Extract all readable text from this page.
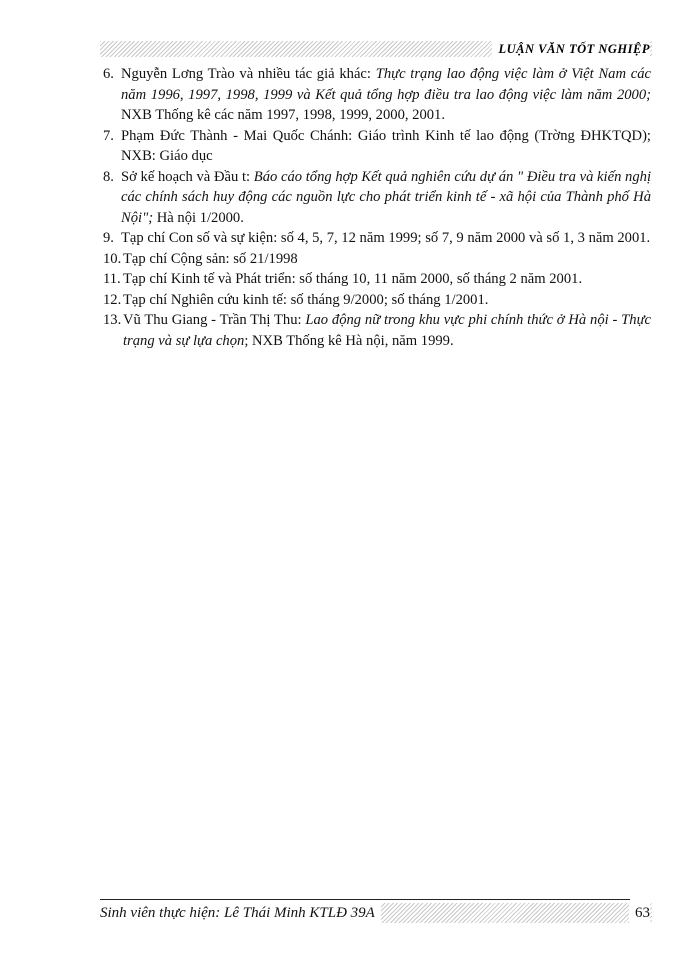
LUẬN VĂN TỐT NGHIỆP

6. Nguyễn Lơng Trào và nhiều tác giả khác: Thực trạng lao động việc làm ở Việt Nam các năm 1996, 1997, 1998, 1999 và Kết quả tổng hợp điều tra lao động việc làm năm 2000; NXB Thống kê các năm 1997, 1998, 1999, 2000, 2001.

7. Phạm Đức Thành - Mai Quốc Chánh: Giáo trình Kinh tế lao động (Trờng ĐHKTQD); NXB: Giáo dục

8. Sở kế hoạch và Đầu t: Báo cáo tổng hợp Kết quả nghiên cứu dự án " Điều tra và kiến nghị các chính sách huy động các nguồn lực cho phát triển kinh tế - xã hội của Thành phố Hà Nội"; Hà nội 1/2000.

9. Tạp chí Con số và sự kiện: số 4, 5, 7, 12 năm 1999; số 7, 9 năm 2000 và số 1, 3 năm 2001.

10. Tạp chí Cộng sản: số 21/1998

11. Tạp chí Kinh tế và Phát triển: số tháng 10, 11 năm 2000, số tháng 2 năm 2001.

12. Tạp chí Nghiên cứu kinh tế: số tháng 9/2000; số tháng 1/2001.

13. Vũ Thu Giang - Trần Thị Thu: Lao động nữ trong khu vực phi chính thức ở Hà nội - Thực trạng và sự lựa chọn; NXB Thống kê Hà nội, năm 1999.

Sinh viên thực hiện: Lê Thái Minh KTLĐ 39A	63
